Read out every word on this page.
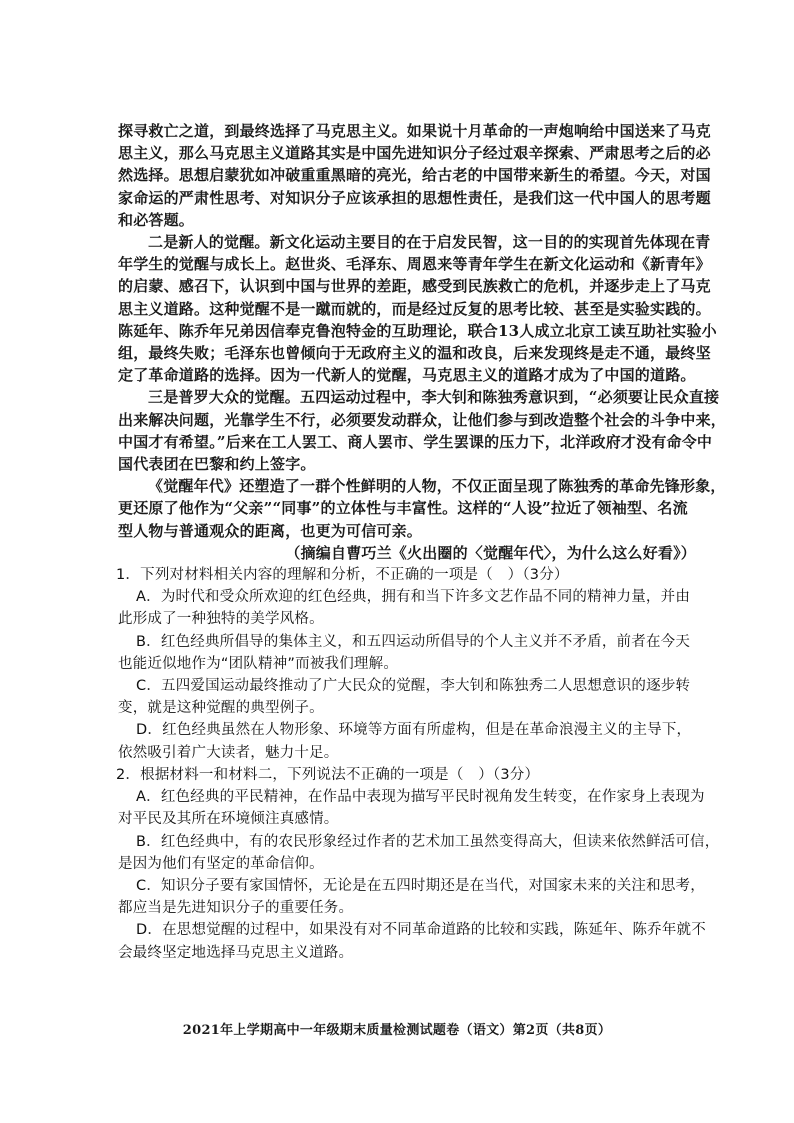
探寻救亡之道，到最终选择了马克思主义。如果说十月革命的一声炮响给中国送来了马克
思主义，那么马克思主义道路其实是中国先进知识分子经过艰辛探索、严肃思考之后的必
然选择。思想启蒙犹如冲破重重黑暗的亮光，给古老的中国带来新生的希望。今天，对国
家命运的严肃性思考、对知识分子应该承担的思想性责任，是我们这一代中国人的思考题
和必答题。
二是新人的觉醒。新文化运动主要目的在于启发民智，这一目的的实现首先体现在青
年学生的觉醒与成长上。赵世炎、毛泽东、周恩来等青年学生在新文化运动和《新青年》
的启蒙、感召下，认识到中国与世界的差距，感受到民族救亡的危机，并逐步走上了马克
思主义道路。这种觉醒不是一蹴而就的，而是经过反复的思考比较、甚至是实验实践的。
陈延年、陈乔年兄弟因信奉克鲁泡特金的互助理论，联合13人成立北京工读互助社实验小
组，最终失败；毛泽东也曾倾向于无政府主义的温和改良，后来发现终是走不通，最终坚
定了革命道路的选择。因为一代新人的觉醒，马克思主义的道路才成为了中国的道路。
三是普罗大众的觉醒。五四运动过程中，李大钊和陈独秀意识到，“必须要让民众直接
出来解决问题，光靠学生不行，必须要发动群众，让他们参与到改造整个社会的斗争中来，
中国才有希望。”后来在工人罢工、商人罢市、学生罢课的压力下，北洋政府才没有命令中
国代表团在巴黎和约上签字。
《觉醒年代》还塑造了一群个性鲜明的人物，不仅正面呈现了陈独秀的革命先锋形象，
更还原了他作为“父亲”“同事”的立体性与丰富性。这样的“人设”拉近了领袖型、名流
型人物与普通观众的距离，也更为可信可亲。
（摘编自曹巧兰《火出圈的〈觉醒年代〉，为什么这么好看》）
1．下列对材料相关内容的理解和分析，不正确的一项是（　）（3分）
A．为时代和受众所欢迎的红色经典，拥有和当下许多文艺作品不同的精神力量，并由
此形成了一种独特的美学风格。
B．红色经典所倡导的集体主义，和五四运动所倡导的个人主义并不矛盾，前者在今天
也能近似地作为“团队精神”而被我们理解。
C．五四爱国运动最终推动了广大民众的觉醒，李大钊和陈独秀二人思想意识的逐步转
变，就是这种觉醒的典型例子。
D．红色经典虽然在人物形象、环境等方面有所虚构，但是在革命浪漫主义的主导下，
依然吸引着广大读者，魅力十足。
2．根据材料一和材料二，下列说法不正确的一项是（　）（3分）
A．红色经典的平民精神，在作品中表现为描写平民时视角发生转变，在作家身上表现为
对平民及其所在环境倾注真感情。
B．红色经典中，有的农民形象经过作者的艺术加工虽然变得高大，但读来依然鲜活可信，
是因为他们有坚定的革命信仰。
C．知识分子要有家国情怀，无论是在五四时期还是在当代，对国家未来的关注和思考，
都应当是先进知识分子的重要任务。
D．在思想觉醒的过程中，如果没有对不同革命道路的比较和实践，陈延年、陈乔年就不
会最终坚定地选择马克思主义道路。
2021年上学期高中一年级期末质量检测试题卷（语文）第2页（共8页）
